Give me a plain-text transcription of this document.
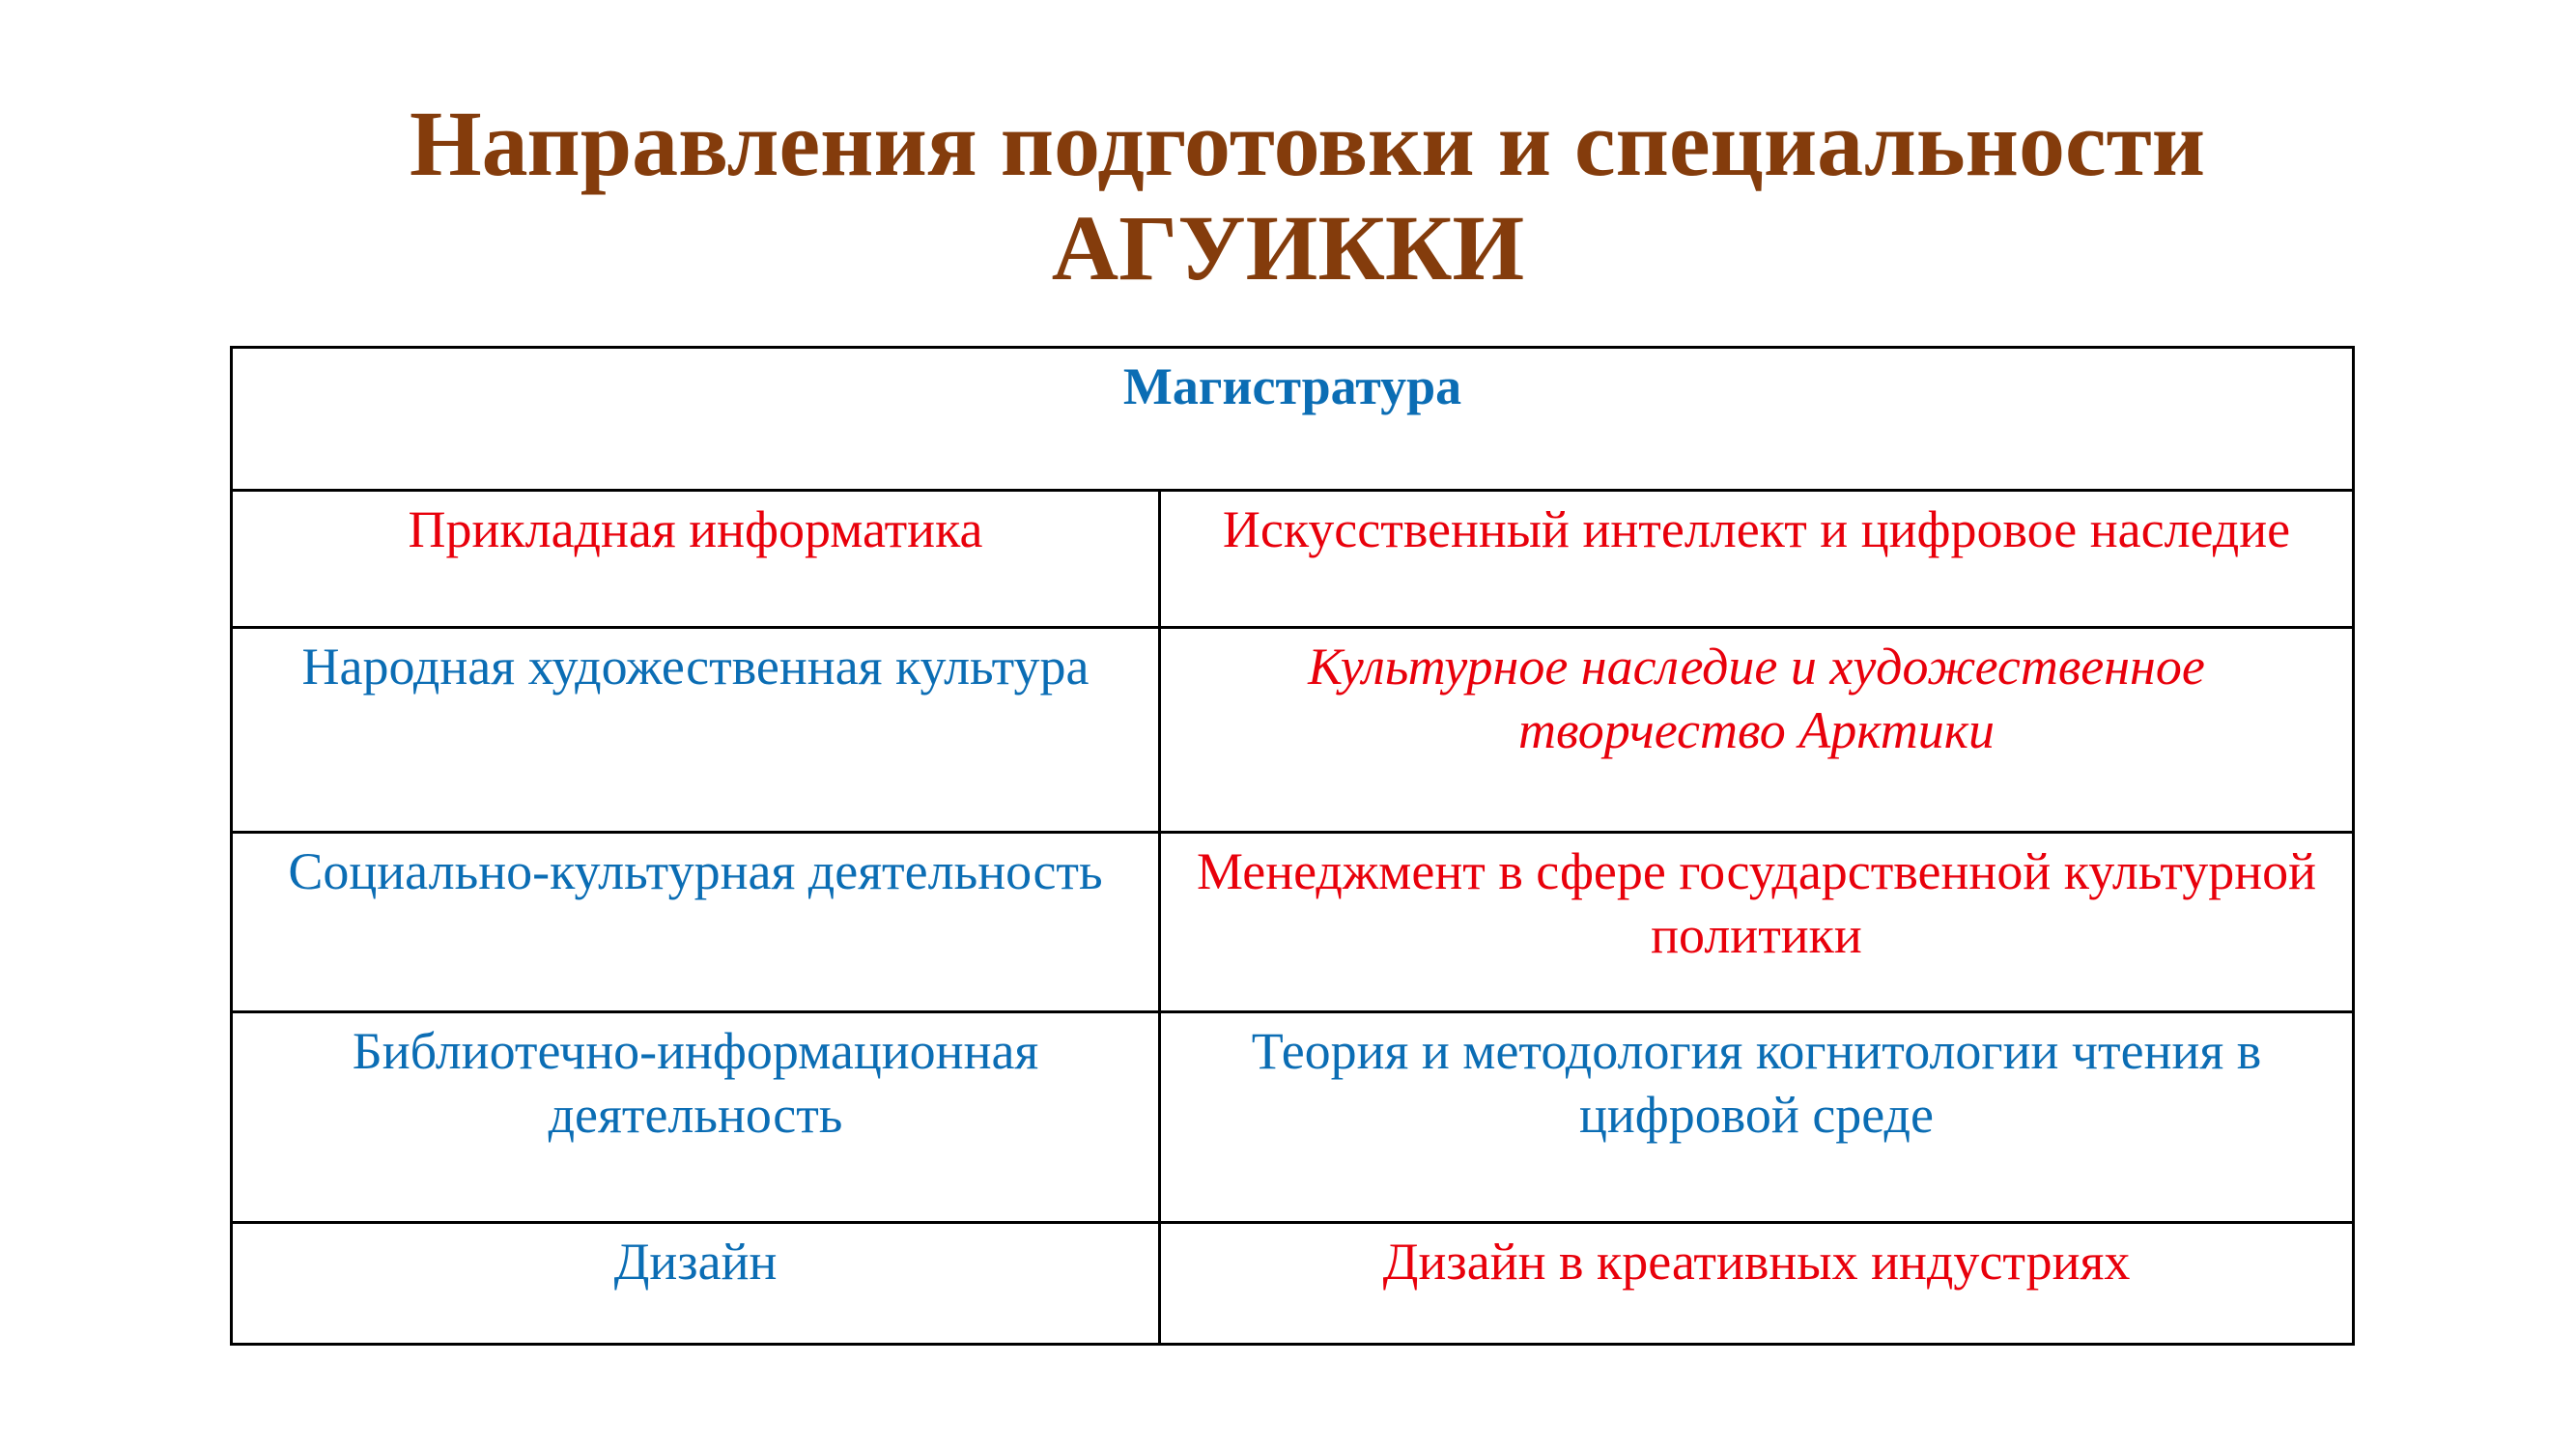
Направления подготовки и специальности
АГУИККИ
Магистратура	
Прикладная информатика	Искусственный интеллект и цифровое наследие
Народная художественная культура	Культурное наследие и художественное творчество Арктики
Социально-культурная деятельность	Менеджмент в сфере государственной культурной политики
Библиотечно-информационная деятельность	Теория и методология когнитологии чтения в цифровой среде
Дизайн	Дизайн в креативных индустриях
